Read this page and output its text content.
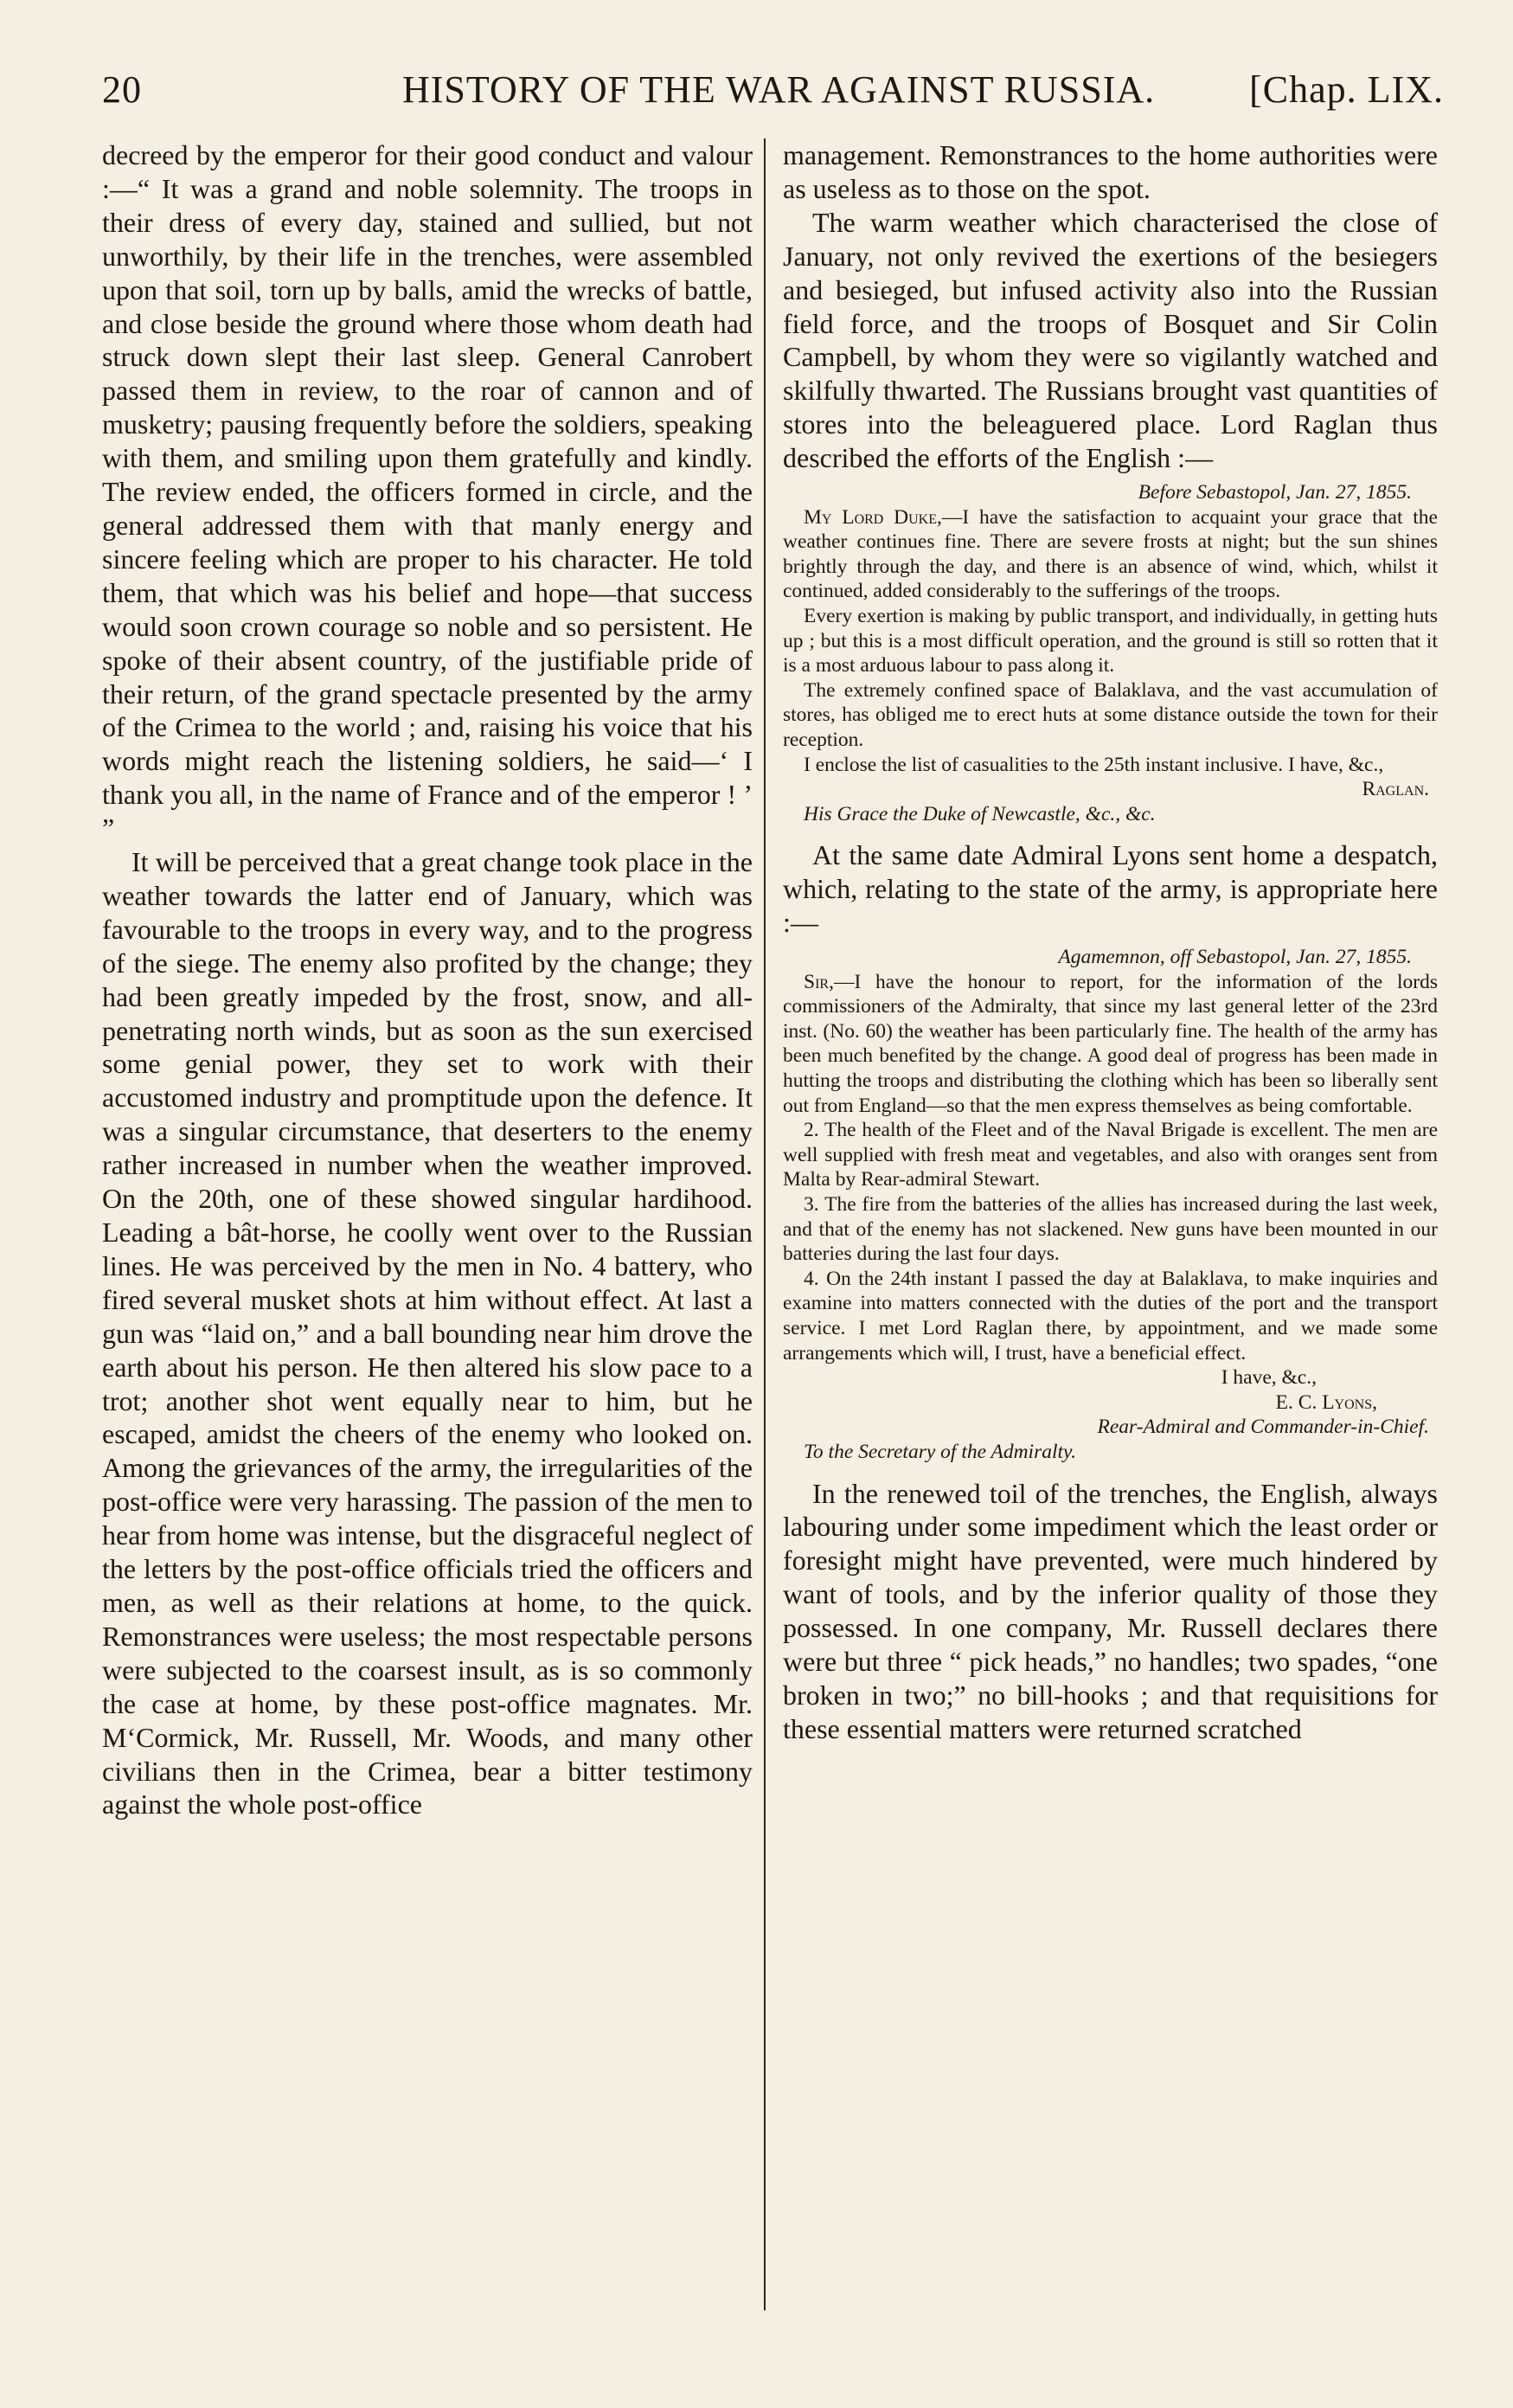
20	HISTORY OF THE WAR AGAINST RUSSIA. [Chap. LIX.

decreed by the emperor for their good conduct and valour :—“ It was a grand and noble solemnity. The troops in their dress of every day, stained and sullied, but not unworthily, by their life in the trenches, were assembled upon that soil, torn up by balls, amid the wrecks of battle, and close beside the ground where those whom death had struck down slept their last sleep. General Canrobert passed them in review, to the roar of cannon and of musketry; pausing frequently before the soldiers, speaking with them, and smiling upon them gratefully and kindly. The review ended, the officers formed in circle, and the general addressed them with that manly energy and sincere feeling which are proper to his character. He told them, that which was his belief and hope—that success would soon crown courage so noble and so persistent. He spoke of their absent country, of the justifiable pride of their return, of the grand spectacle presented by the army of the Crimea to the world ; and, raising his voice that his words might reach the listening soldiers, he said—‘ I thank you all, in the name of France and of the emperor ! ’ ”

It will be perceived that a great change took place in the weather towards the latter end of January, which was favourable to the troops in every way, and to the progress of the siege. The enemy also profited by the change; they had been greatly impeded by the frost, snow, and all-penetrating north winds, but as soon as the sun exercised some genial power, they set to work with their accustomed industry and promptitude upon the defence. It was a singular circumstance, that deserters to the enemy rather increased in number when the weather improved. On the 20th, one of these showed singular hardihood. Leading a bât-horse, he coolly went over to the Russian lines. He was perceived by the men in No. 4 battery, who fired several musket shots at him without effect. At last a gun was “laid on,” and a ball bounding near him drove the earth about his person. He then altered his slow pace to a trot; another shot went equally near to him, but he escaped, amidst the cheers of the enemy who looked on. Among the grievances of the army, the irregularities of the post-office were very harassing. The passion of the men to hear from home was intense, but the disgraceful neglect of the letters by the post-office officials tried the officers and men, as well as their relations at home, to the quick. Remonstrances were useless; the most respectable persons were subjected to the coarsest insult, as is so commonly the case at home, by these post-office magnates. Mr. M‘Cormick, Mr. Russell, Mr. Woods, and many other civilians then in the Crimea, bear a bitter testimony against the whole post-office

management. Remonstrances to the home authorities were as useless as to those on the spot.

The warm weather which characterised the close of January, not only revived the exertions of the besiegers and besieged, but infused activity also into the Russian field force, and the troops of Bosquet and Sir Colin Campbell, by whom they were so vigilantly watched and skilfully thwarted. The Russians brought vast quantities of stores into the beleaguered place. Lord Raglan thus described the efforts of the English :—

Before Sebastopol, Jan. 27, 1855.

My Lord Duke,—I have the satisfaction to acquaint your grace that the weather continues fine. There are severe frosts at night; but the sun shines brightly through the day, and there is an absence of wind, which, whilst it continued, added considerably to the sufferings of the troops.

Every exertion is making by public transport, and individually, in getting huts up ; but this is a most difficult operation, and the ground is still so rotten that it is a most arduous labour to pass along it.

The extremely confined space of Balaklava, and the vast accumulation of stores, has obliged me to erect huts at some distance outside the town for their reception.

I enclose the list of casualities to the 25th instant inclusive. I have, &c.,

Raglan.

His Grace the Duke of Newcastle, &c., &c.

At the same date Admiral Lyons sent home a despatch, which, relating to the state of the army, is appropriate here :—

Agamemnon, off Sebastopol, Jan. 27, 1855.

Sir,—I have the honour to report, for the information of the lords commissioners of the Admiralty, that since my last general letter of the 23rd inst. (No. 60) the weather has been particularly fine. The health of the army has been much benefited by the change. A good deal of progress has been made in hutting the troops and distributing the clothing which has been so liberally sent out from England—so that the men express themselves as being comfortable.

2. The health of the Fleet and of the Naval Brigade is excellent. The men are well supplied with fresh meat and vegetables, and also with oranges sent from Malta by Rear-admiral Stewart.

3. The fire from the batteries of the allies has increased during the last week, and that of the enemy has not slackened. New guns have been mounted in our batteries during the last four days.

4. On the 24th instant I passed the day at Balaklava, to make inquiries and examine into matters connected with the duties of the port and the transport service. I met Lord Raglan there, by appointment, and we made some arrangements which will, I trust, have a beneficial effect.

I have, &c.,

E. C. Lyons,

Rear-Admiral and Commander-in-Chief.

To the Secretary of the Admiralty.

In the renewed toil of the trenches, the English, always labouring under some impediment which the least order or foresight might have prevented, were much hindered by want of tools, and by the inferior quality of those they possessed. In one company, Mr. Russell declares there were but three “ pick heads,” no handles; two spades, “one broken in two;” no bill-hooks ; and that requisitions for these essential matters were returned scratched
